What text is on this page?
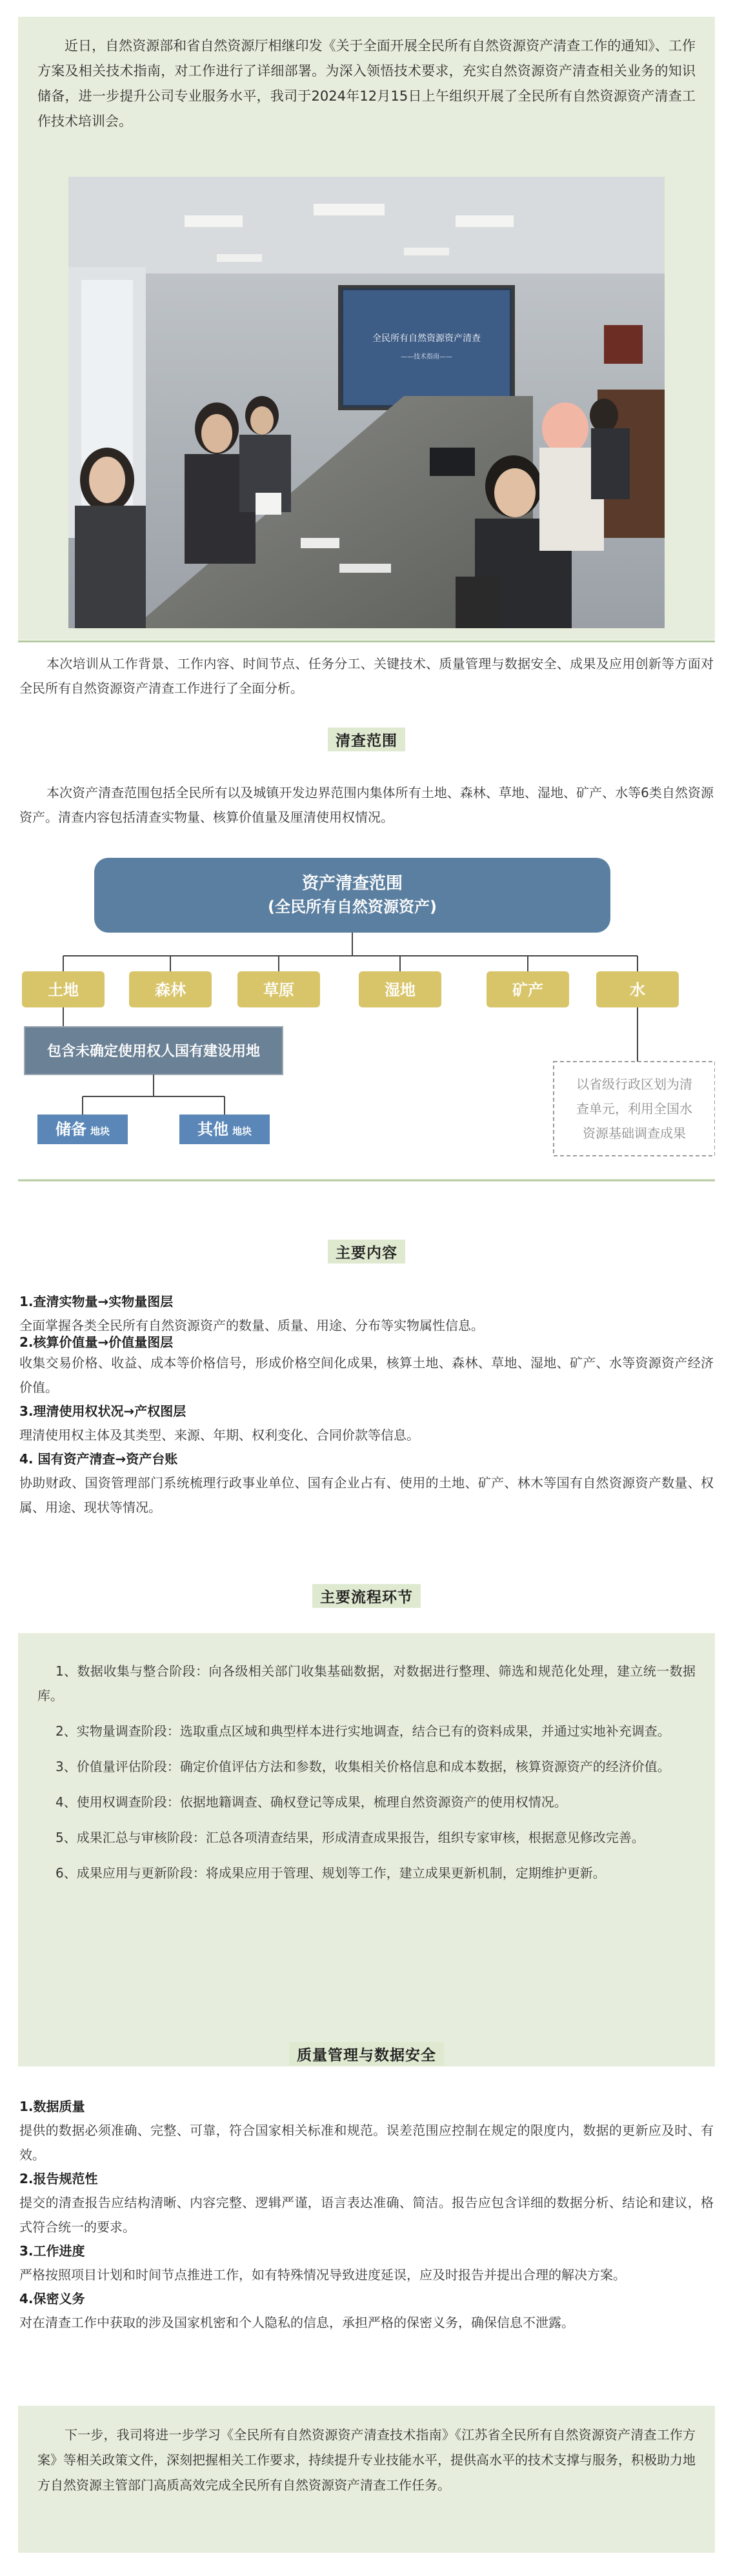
近日，自然资源部和省自然资源厅相继印发《关于全面开展全民所有自然资源资产清查工作的通知》、工作方案及相关技术指南，对工作进行了详细部署。为深入领悟技术要求，充实自然资源资产清查相关业务的知识储备，进一步提升公司专业服务水平，我司于2024年12月15日上午组织开展了全民所有自然资源资产清查工作技术培训会。

全民所有自然资源资产清查
——技术指南——

本次培训从工作背景、工作内容、时间节点、任务分工、关键技术、质量管理与数据安全、成果及应用创新等方面对全民所有自然资源资产清查工作进行了全面分析。

清查范围

本次资产清查范围包括全民所有以及城镇开发边界范围内集体所有土地、森林、草地、湿地、矿产、水等6类自然资源资产。清查内容包括清查实物量、核算价值量及厘清使用权情况。

资产清查范围
(全民所有自然资源资产)
土地	森林	草原	湿地	矿产	水
包含未确定使用权人国有建设用地
储备 地块	其他 地块
以省级行政区划为清
查单元，利用全国水
资源基础调查成果
主要内容
1.查清实物量→实物量图层
全面掌握各类全民所有自然资源资产的数量、质量、用途、分布等实物属性信息。
2.核算价值量→价值量图层
收集交易价格、收益、成本等价格信号，形成价格空间化成果，核算土地、森林、草地、湿地、矿产、水等资源资产经济价值。
3.理清使用权状况→产权图层
理清使用权主体及其类型、来源、年期、权利变化、合同价款等信息。
4. 国有资产清查→资产台账
协助财政、国资管理部门系统梳理行政事业单位、国有企业占有、使用的土地、矿产、林木等国有自然资源资产数量、权属、用途、现状等情况。
主要流程环节

1、数据收集与整合阶段：向各级相关部门收集基础数据，对数据进行整理、筛选和规范化处理，建立统一数据库。

2、实物量调查阶段：选取重点区域和典型样本进行实地调查，结合已有的资料成果，并通过实地补充调查。

3、价值量评估阶段：确定价值评估方法和参数，收集相关价格信息和成本数据，核算资源资产的经济价值。

4、使用权调查阶段：依据地籍调查、确权登记等成果，梳理自然资源资产的使用权情况。

5、成果汇总与审核阶段：汇总各项清查结果，形成清查成果报告，组织专家审核，根据意见修改完善。

6、成果应用与更新阶段：将成果应用于管理、规划等工作，建立成果更新机制，定期维护更新。

质量管理与数据安全
1.数据质量
提供的数据必须准确、完整、可靠，符合国家相关标准和规范。误差范围应控制在规定的限度内，数据的更新应及时、有效。
2.报告规范性
提交的清查报告应结构清晰、内容完整、逻辑严谨，语言表达准确、简洁。报告应包含详细的数据分析、结论和建议，格式符合统一的要求。
3.工作进度
严格按照项目计划和时间节点推进工作，如有特殊情况导致进度延误，应及时报告并提出合理的解决方案。
4.保密义务
对在清查工作中获取的涉及国家机密和个人隐私的信息，承担严格的保密义务，确保信息不泄露。

下一步，我司将进一步学习《全民所有自然资源资产清查技术指南》《江苏省全民所有自然资源资产清查工作方案》等相关政策文件，深刻把握相关工作要求，持续提升专业技能水平，提供高水平的技术支撑与服务，积极助力地方自然资源主管部门高质高效完成全民所有自然资源资产清查工作任务。
